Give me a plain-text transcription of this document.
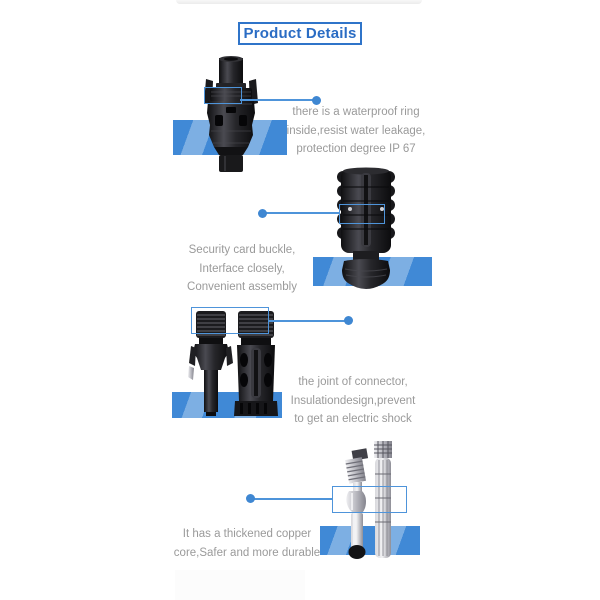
Product Details
there is a waterproof ring
inside,resist water leakage,
protection degree IP 67
Security card buckle,
Interface closely,
Convenient assembly
the joint of connector,
Insulationdesign,prevent
to get an electric shock
It has a thickened copper
core,Safer and more durable
